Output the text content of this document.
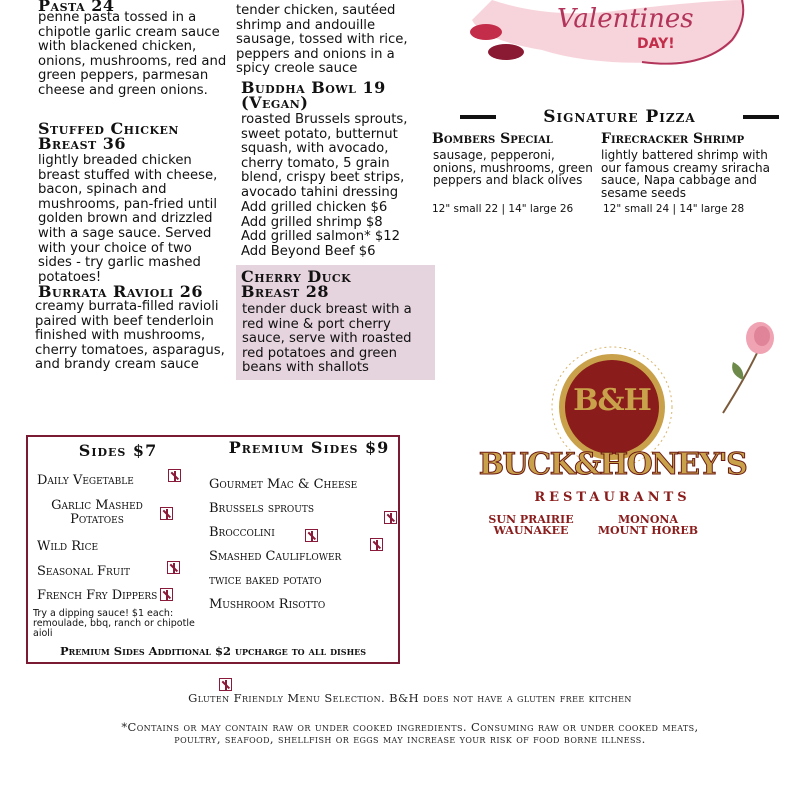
Pasta 24
penne pasta tossed in a chipotle garlic cream sauce with blackened chicken, onions, mushrooms, red and green peppers, parmesan cheese and green onions.
Stuffed Chicken Breast 36
lightly breaded chicken breast stuffed with cheese, bacon, spinach and mushrooms, pan-fried until golden brown and drizzled with a sage sauce. Served with your choice of two sides - try garlic mashed potatoes!
Burrata Ravioli 26
creamy burrata-filled ravioli paired with beef tenderloin finished with mushrooms, cherry tomatoes, asparagus, and brandy cream sauce
tender chicken, sautéed shrimp and andouille sausage, tossed with rice, peppers and onions in a spicy creole sauce
Buddha Bowl 19 (Vegan)
roasted Brussels sprouts, sweet potato, butternut squash, with avocado, cherry tomato, 5 grain blend, crispy beet strips, avocado tahini dressing
Add grilled chicken $6
Add grilled shrimp $8
Add grilled salmon* $12
Add Beyond Beef $6
Cherry Duck Breast 28
tender duck breast with a red wine & port cherry sauce, serve with roasted red potatoes and green beans with shallots
Valentines
DAY!
Signature Pizza
Bombers Special
sausage, pepperoni, onions, mushrooms, green peppers and black olives
12" small 22 | 14" large 26
Firecracker Shrimp
lightly battered shrimp with our famous creamy sriracha sauce, Napa cabbage and sesame seeds
12" small 24 | 14" large 28
B&H
BUCK&HONEY'S
RESTAURANTS
SUN PRAIRIE
WAUNAKEE
MONONA
MOUNT HOREB
Sides $7	Premium Sides $9
Daily Vegetable
Garlic Mashed Potatoes
Wild Rice
Seasonal Fruit
French Fry Dippers
Try a dipping sauce! $1 each: remoulade, bbq, ranch or chipotle aioli
Gourmet Mac & Cheese
Brussels sprouts
Broccolini
Smashed Cauliflower
twice baked potato
Mushroom Risotto
Premium Sides Additional $2 upcharge to all dishes
Gluten Friendly Menu Selection. B&H does not have a gluten free kitchen
*Contains or may contain raw or under cooked ingredients. Consuming raw or under cooked meats, poultry, seafood, shellfish or eggs may increase your risk of food borne illness.
